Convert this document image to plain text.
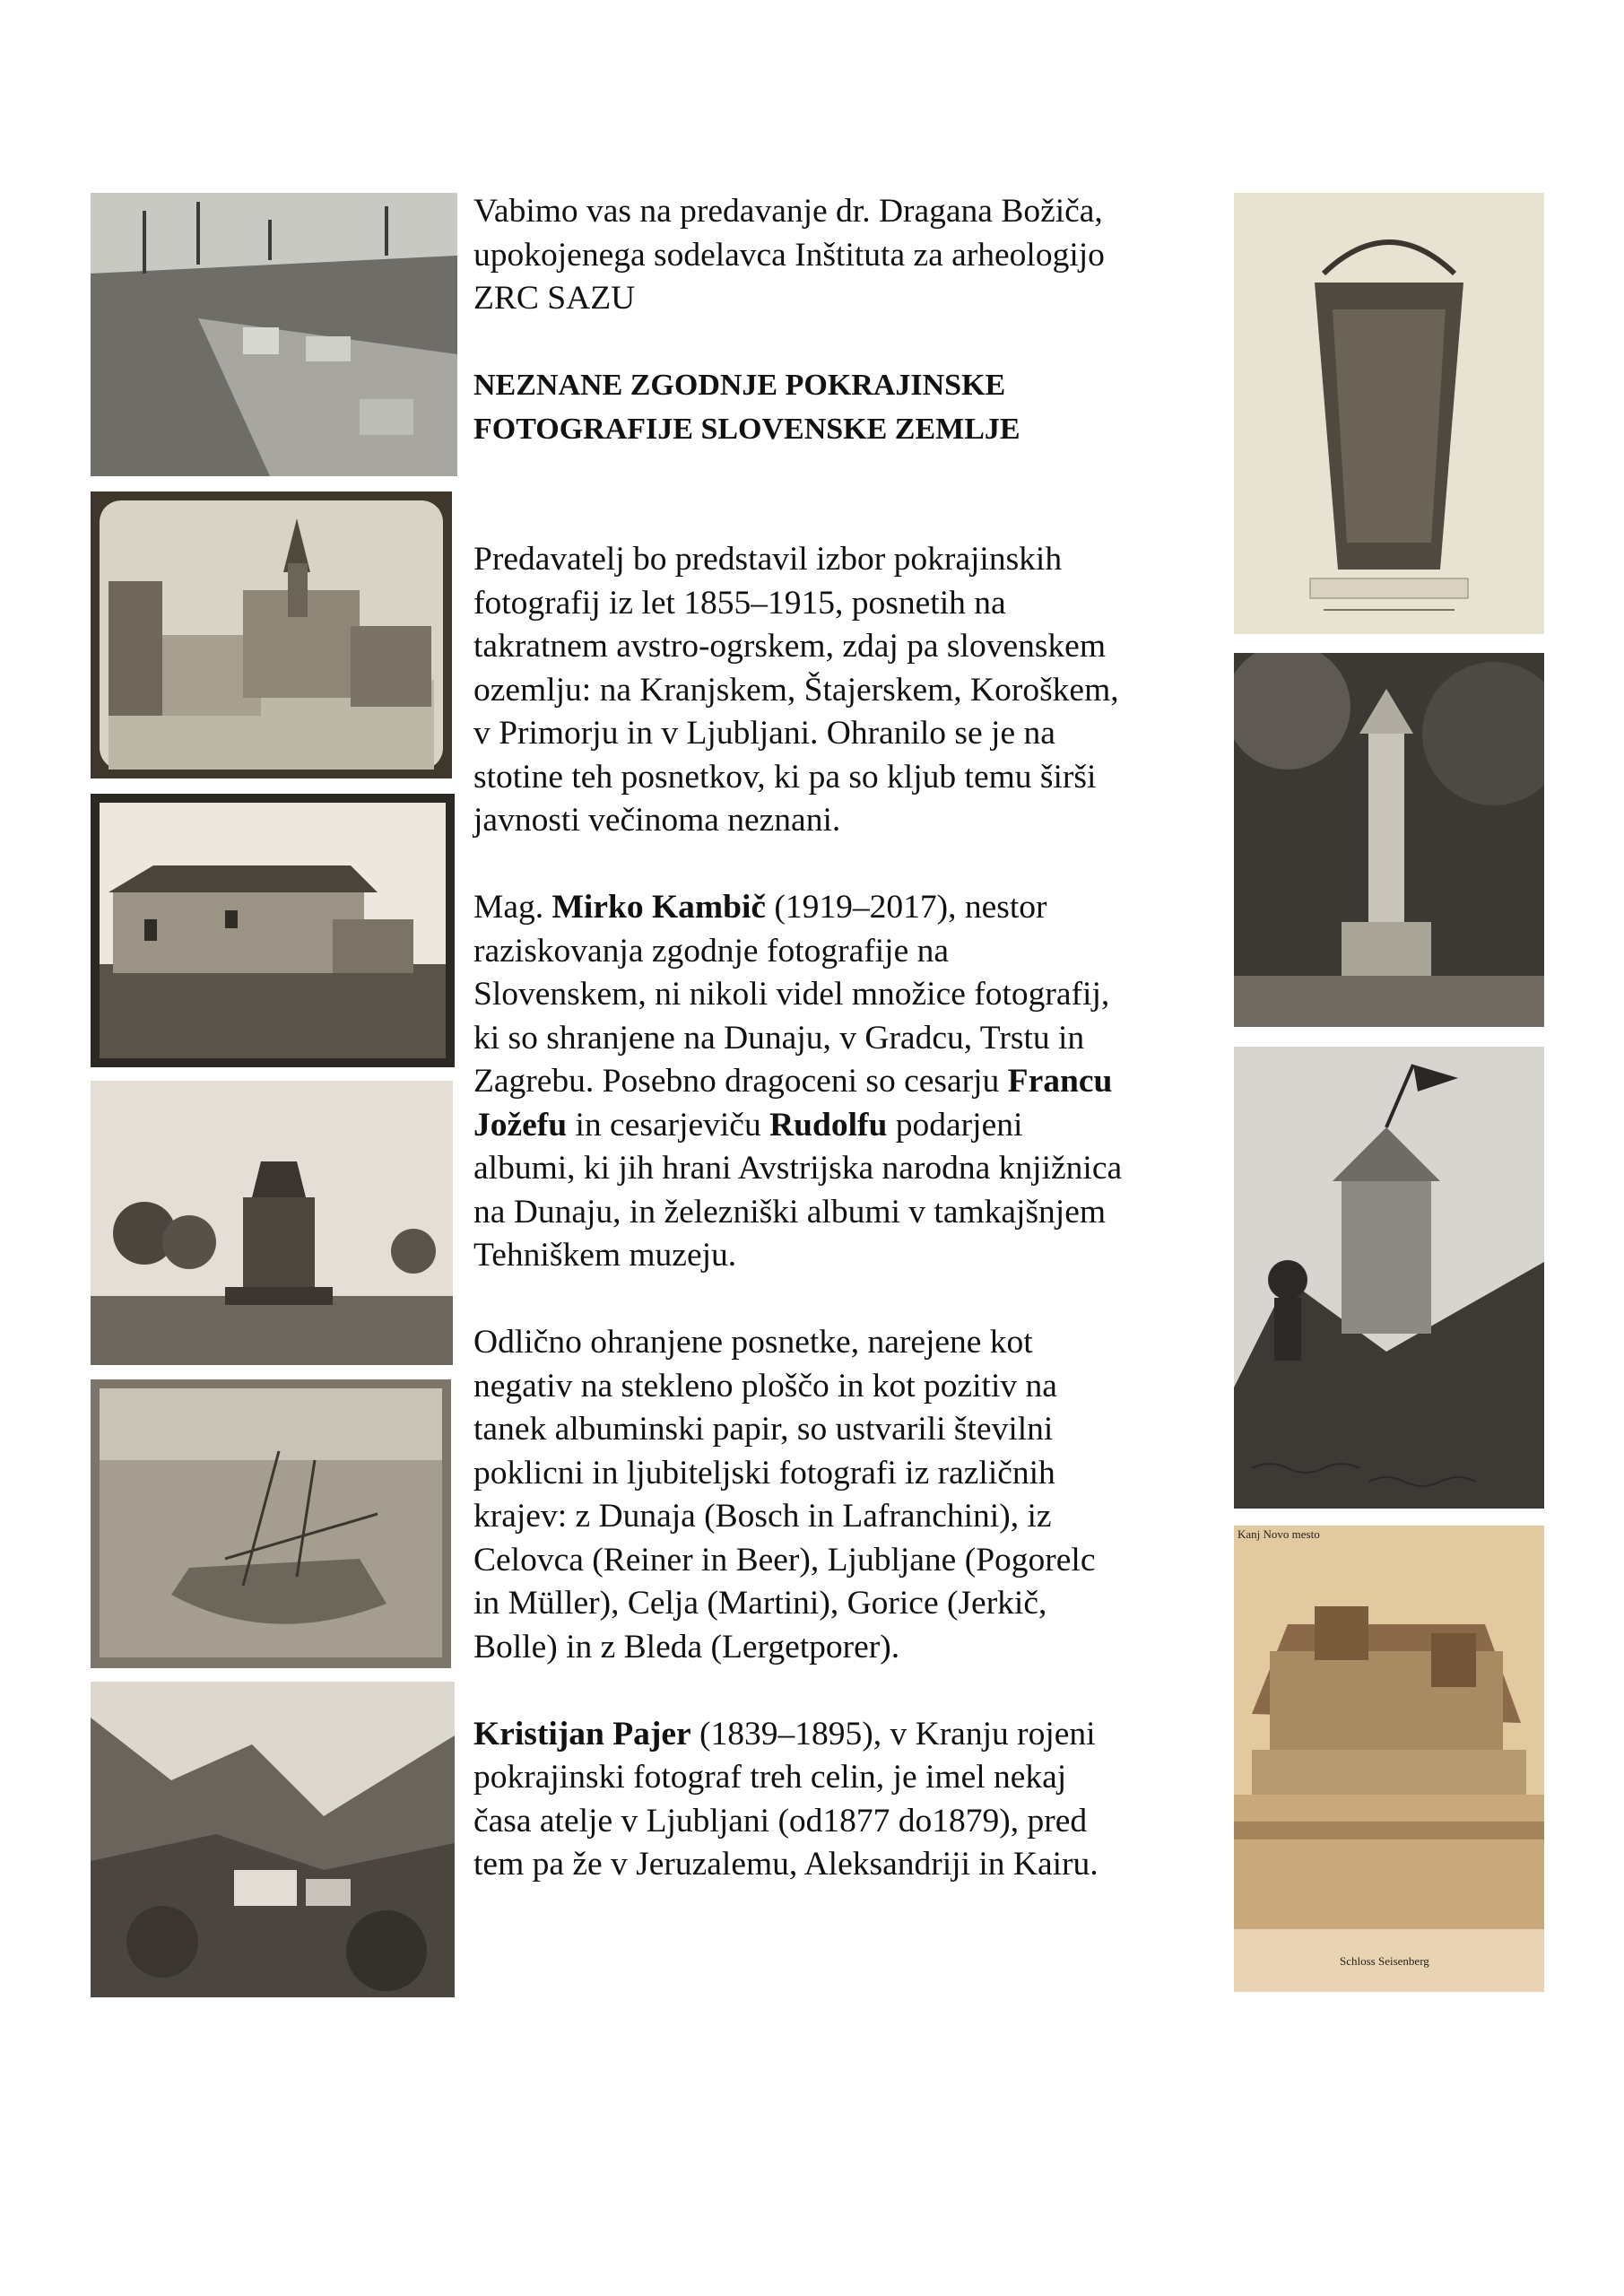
Kanj Novo mesto
Schloss Seisenberg

Vabimo vas na predavanje dr. Dragana Božiča,

upokojenega sodelavca Inštituta za arheologijo

ZRC SAZU

NEZNANE ZGODNJE POKRAJINSKE

FOTOGRAFIJE SLOVENSKE ZEMLJE

Predavatelj bo predstavil izbor pokrajinskih

fotografij iz let 1855–1915, posnetih na

takratnem avstro-ogrskem, zdaj pa slovenskem

ozemlju: na Kranjskem, Štajerskem, Koroškem,

v Primorju in v Ljubljani. Ohranilo se je na

stotine teh posnetkov, ki pa so kljub temu širši

javnosti večinoma neznani.

Mag. Mirko Kambič (1919–2017), nestor

raziskovanja zgodnje fotografije na

Slovenskem, ni nikoli videl množice fotografij,

ki so shranjene na Dunaju, v Gradcu, Trstu in

Zagrebu. Posebno dragoceni so cesarju Francu

Jožefu in cesarjeviču Rudolfu podarjeni

albumi, ki jih hrani Avstrijska narodna knjižnica

na Dunaju, in železniški albumi v tamkajšnjem

Tehniškem muzeju.

Odlično ohranjene posnetke, narejene kot

negativ na stekleno ploščo in kot pozitiv na

tanek albuminski papir, so ustvarili številni

poklicni in ljubiteljski fotografi iz različnih

krajev: z Dunaja (Bosch in Lafranchini), iz

Celovca (Reiner in Beer), Ljubljane (Pogorelc

in Müller), Celja (Martini), Gorice (Jerkič,

Bolle) in z Bleda (Lergetporer).

Kristijan Pajer (1839–1895), v Kranju rojeni

pokrajinski fotograf treh celin, je imel nekaj

časa atelje v Ljubljani (od1877 do1879), pred

tem pa že v Jeruzalemu, Aleksandriji in Kairu.
